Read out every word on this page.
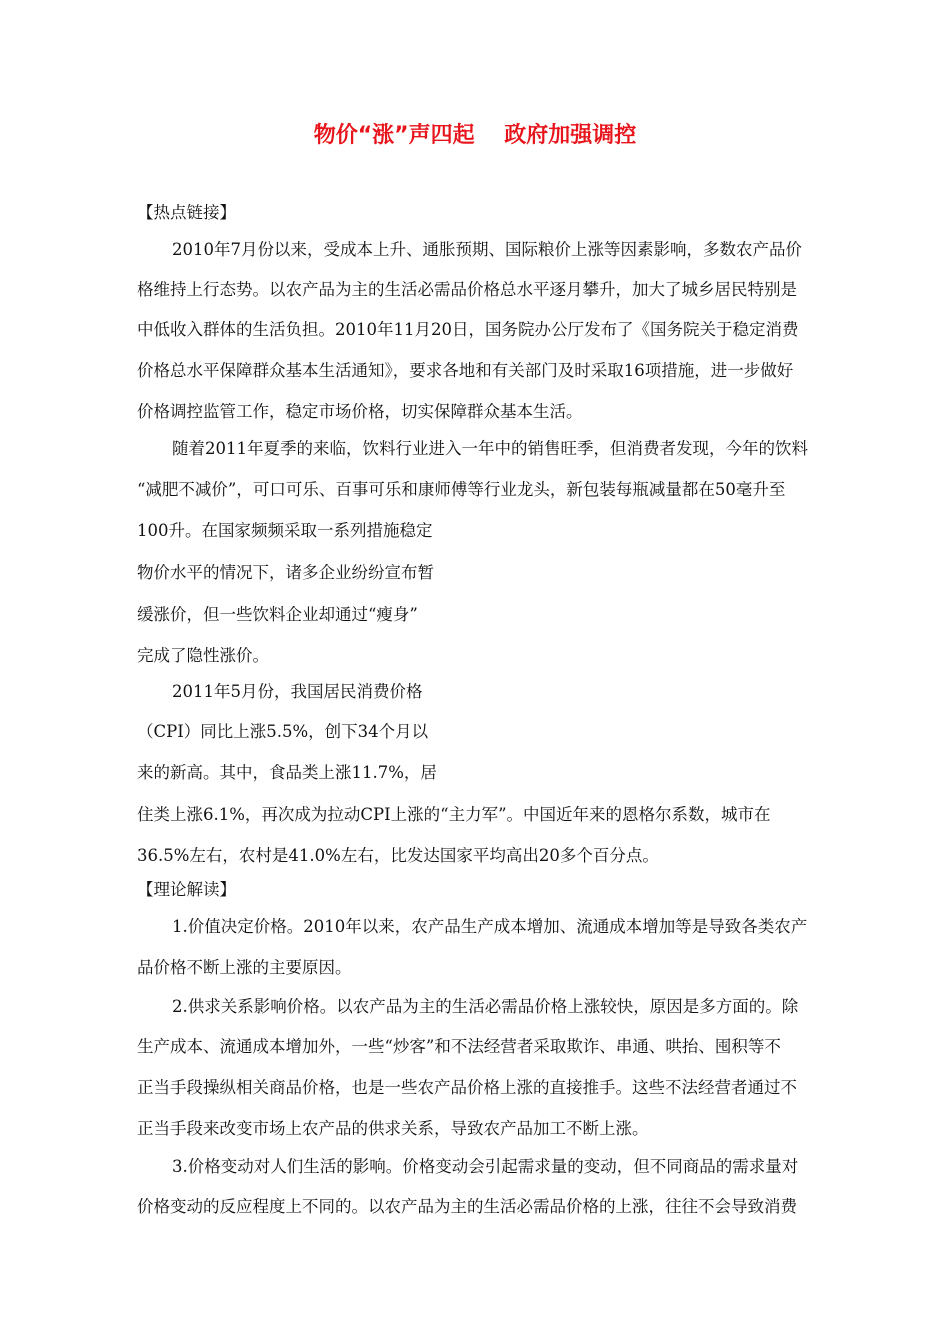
物价“涨”声四起 政府加强调控
【热点链接】
2010年7月份以来，受成本上升、通胀预期、国际粮价上涨等因素影响，多数农产品价
格维持上行态势。以农产品为主的生活必需品价格总水平逐月攀升，加大了城乡居民特别是
中低收入群体的生活负担。2010年11月20日，国务院办公厅发布了《国务院关于稳定消费
价格总水平保障群众基本生活通知》，要求各地和有关部门及时采取16项措施，进一步做好
价格调控监管工作，稳定市场价格，切实保障群众基本生活。
随着2011年夏季的来临，饮料行业进入一年中的销售旺季，但消费者发现，今年的饮料
“减肥不减价”，可口可乐、百事可乐和康师傅等行业龙头，新包装每瓶减量都在50毫升至
100升。在国家频频采取一系列措施稳定
物价水平的情况下，诸多企业纷纷宣布暂
缓涨价，但一些饮料企业却通过“瘦身”
完成了隐性涨价。
2011年5月份，我国居民消费价格
（CPI）同比上涨5.5%，创下34个月以
来的新高。其中，食品类上涨11.7%，居
住类上涨6.1%，再次成为拉动CPI上涨的“主力军”。中国近年来的恩格尔系数，城市在
36.5%左右，农村是41.0%左右，比发达国家平均高出20多个百分点。
【理论解读】
1.价值决定价格。2010年以来，农产品生产成本增加、流通成本增加等是导致各类农产
品价格不断上涨的主要原因。
2.供求关系影响价格。以农产品为主的生活必需品价格上涨较快，原因是多方面的。除
生产成本、流通成本增加外，一些“炒客”和不法经营者采取欺诈、串通、哄抬、囤积等不
正当手段操纵相关商品价格，也是一些农产品价格上涨的直接推手。这些不法经营者通过不
正当手段来改变市场上农产品的供求关系，导致农产品加工不断上涨。
3.价格变动对人们生活的影响。价格变动会引起需求量的变动，但不同商品的需求量对
价格变动的反应程度上不同的。以农产品为主的生活必需品价格的上涨，往往不会导致消费
